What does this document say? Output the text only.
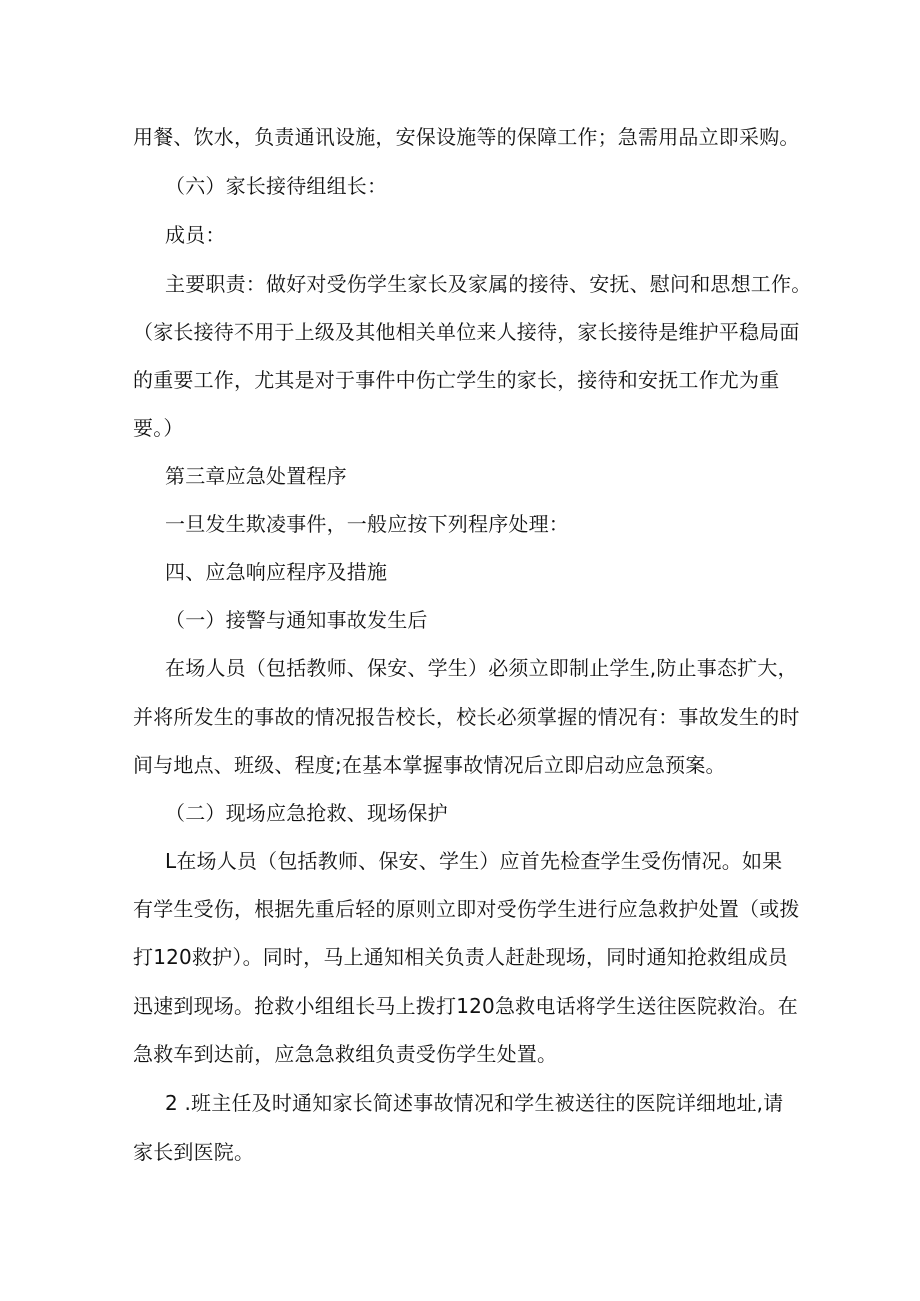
用餐、饮水，负责通讯设施，安保设施等的保障工作；急需用品立即采购。
（六）家长接待组组长：
成员：
主要职责：做好对受伤学生家长及家属的接待、安抚、慰问和思想工作。
（家长接待不用于上级及其他相关单位来人接待，家长接待是维护平稳局面
的重要工作，尤其是对于事件中伤亡学生的家长，接待和安抚工作尤为重
要。）
第三章应急处置程序
一旦发生欺凌事件，一般应按下列程序处理：
四、应急响应程序及措施
（一）接警与通知事故发生后
在场人员（包括教师、保安、学生）必须立即制止学生,防止事态扩大，
并将所发生的事故的情况报告校长，校长必须掌握的情况有：事故发生的时
间与地点、班级、程度;在基本掌握事故情况后立即启动应急预案。
（二）现场应急抢救、现场保护
L在场人员（包括教师、保安、学生）应首先检查学生受伤情况。如果
有学生受伤，根据先重后轻的原则立即对受伤学生进行应急救护处置（或拨
打120救护）。同时，马上通知相关负责人赶赴现场，同时通知抢救组成员
迅速到现场。抢救小组组长马上拨打120急救电话将学生送往医院救治。在
急救车到达前，应急急救组负责受伤学生处置。
2 .班主任及时通知家长简述事故情况和学生被送往的医院详细地址,请
家长到医院。
